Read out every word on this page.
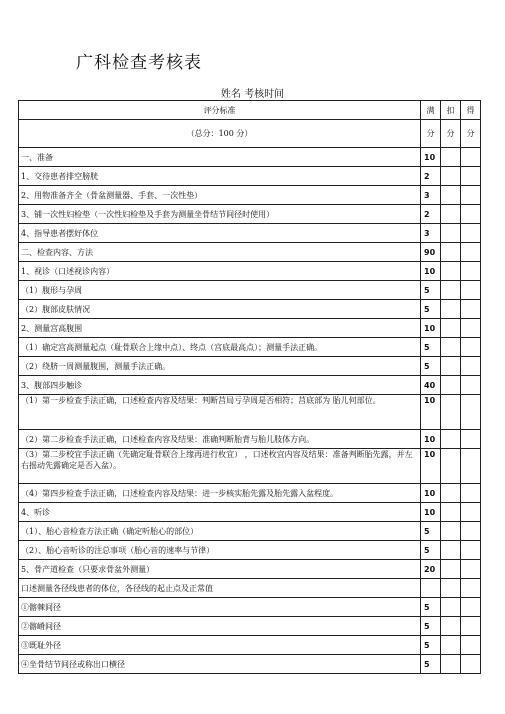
广科检查考核表
姓名 考核时间
评分标准	满	扣	得
（总分：100 分）	分	分	分
一、准备	10		
1、交待患者排空膀胱	2		
2、用物准备齐全（骨盆测量器、手套、一次性垫）	3		
3、铺一次性妇检垫（一次性妇检垫及手套为测量坐骨结节间径时使用）	2		
4、指导患者摆好体位	3		
二、检查内容、方法	90		
1、视诊（口述视诊内容）	10		
（1）腹形与孕周	5		
（2）腹部皮肤情况	5		
2、测量宫高腹围	10		
（1）确定宫高测量起点（耻骨联合上缘中点）、终点（宫底最高点）；测量手法正确。	5		
（2）绕脐一周测量腹围，测量手法正确。	5		
3、腹部四步触诊	40		
（1）第一步检查手法正确，口述检查内容及结果：判断莒局亏孕周是否相符；莒底部为 胎儿何部位。	10		
（2）第二步检查手法正确，口述检查内容及结果：准确判断胎背与胎儿肢体方向。	10		
（3）第二步校宜手法正确（先确定耻骨联合上缘再进行枚宜） ，口述枚宜内容及结果：准备判断胎先露，并左右摇动先露确定是否入盆）。	10		
（4）第四步检查手法正确，口述检查内容及结果：进一步核实胎先露及胎先露入盆程度。	10		
4、听诊	10		
（1）、胎心音检查方法正确（确定听胎心的部位）	5		
（2）、胎心音听诊的注总事项（胎心音的速率与节律）	5		
5、骨产道检查（只要求骨盆外测量）	20		
口述测量各径线患者的体位，各径线的起止点及正常值			
①髂棘间径	5		
②髂嵴间径	5		
③既耻外径	5		
④坐骨结节间径或称出口横径	5		
